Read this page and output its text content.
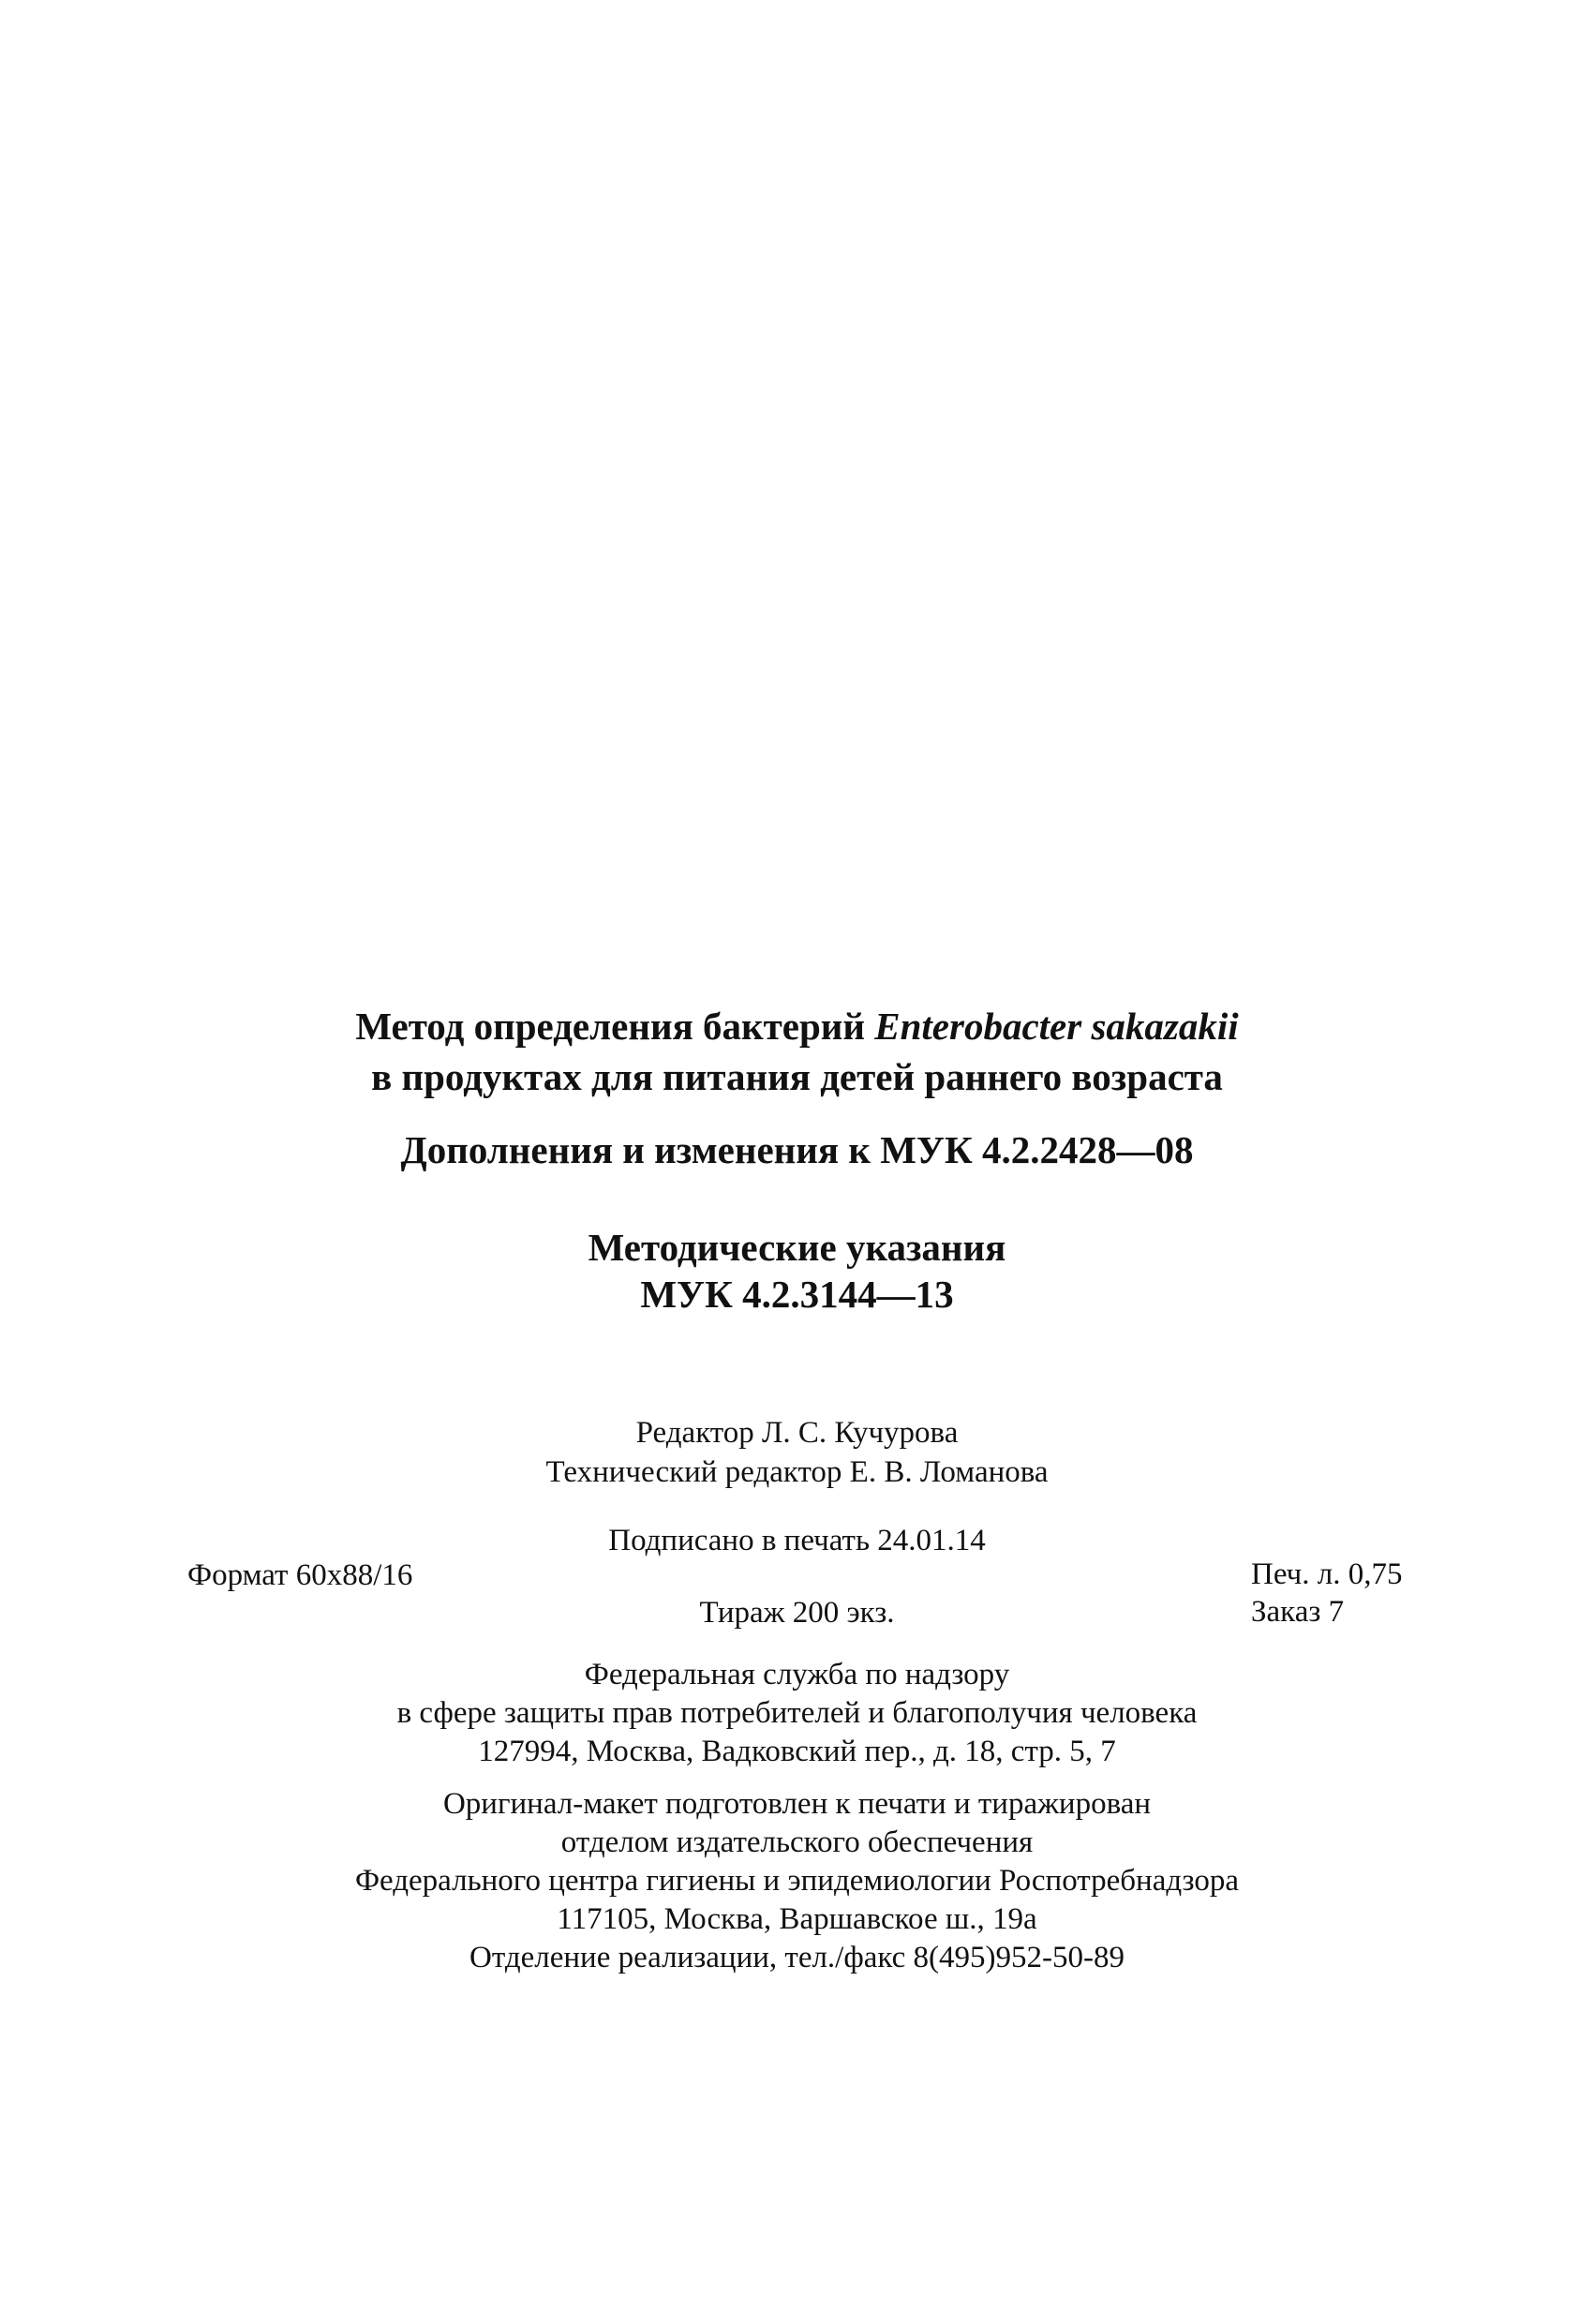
Метод определения бактерий Enterobacter sakazakii
в продуктах для питания детей раннего возраста
Дополнения и изменения к МУК 4.2.2428—08
Методические указания
МУК 4.2.3144—13
Редактор Л. С. Кучурова
Технический редактор Е. В. Ломанова
Подписано в печать 24.01.14
Формат 60x88/16
Тираж 200 экз.
Печ. л. 0,75
Заказ 7
Федеральная служба по надзору
в сфере защиты прав потребителей и благополучия человека
127994, Москва, Вадковский пер., д. 18, стр. 5, 7
Оригинал-макет подготовлен к печати и тиражирован
отделом издательского обеспечения
Федерального центра гигиены и эпидемиологии Роспотребнадзора
117105, Москва, Варшавское ш., 19а
Отделение реализации, тел./факс 8(495)952-50-89
